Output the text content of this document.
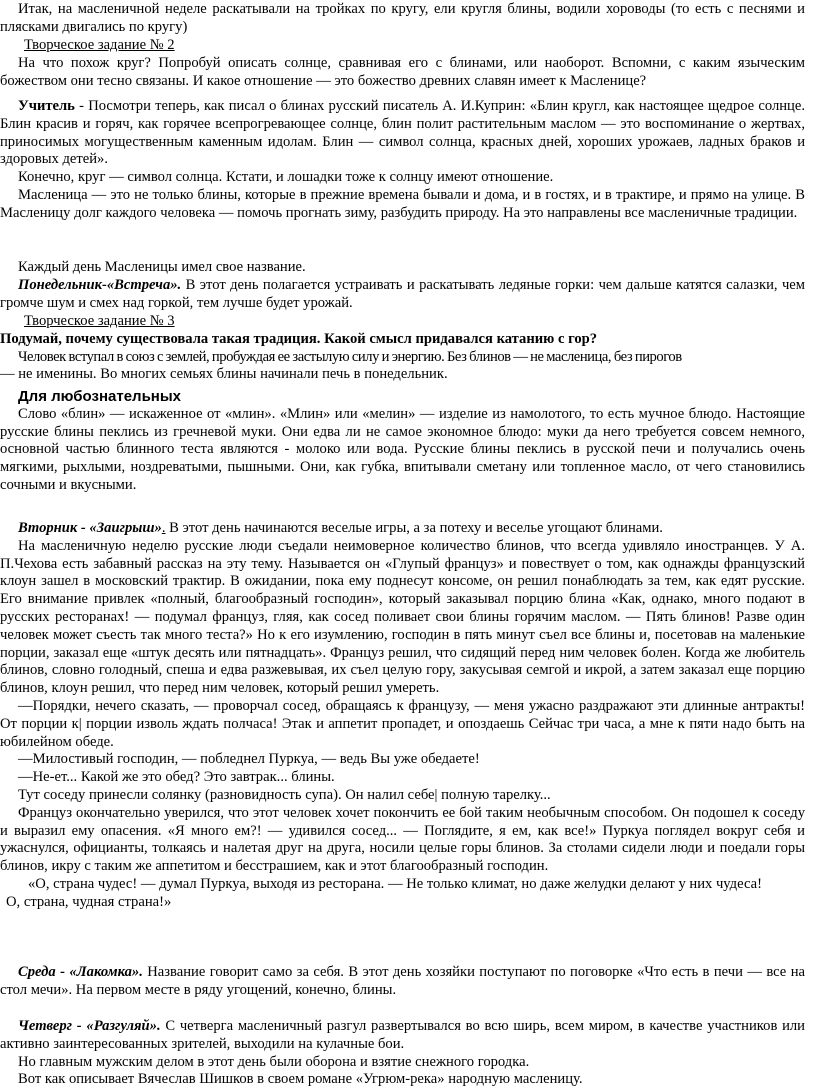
Итак, на масленичной неделе раскатывали на тройках по кругу, ели кругля блины, водили хороводы (то есть с песнями и плясками двигались по кругу)

Творческое задание № 2

На что похож круг? Попробуй описать солнце, сравнивая его с блинами, или наоборот. Вспомни, с каким языческим божеством они тесно связаны. И какое отношение — это божество древних славян имеет к Масленице?

Учитель - Посмотри теперь, как писал о блинах русский писатель А. И.Куприн: «Блин кругл, как настоящее щедрое солнце. Блин красив и горяч, как горячее всепрогревающее солнце, блин полит растительным маслом — это воспоминание о жертвах, приносимых могущественным каменным идолам. Блин — символ солнца, красных дней, хороших урожаев, ладных браков и здоровых детей».

Конечно, круг — символ солнца. Кстати, и лошадки тоже к солнцу имеют отношение.

Масленица — это не только блины, которые в прежние времена бывали и дома, и в гостях, и в трактире, и прямо на улице. В Масленицу долг каждого человека — помочь прогнать зиму, разбудить природу. На это направлены все масленичные традиции.

Каждый день Масленицы имел свое название.

Понедельник-«Встреча». В этот день полагается устраивать и раскатывать ледяные горки: чем дальше катятся салазки, чем громче шум и смех над горкой, тем лучше будет урожай.

Творческое задание № 3

Подумай, почему существовала такая традиция. Какой смысл придавался катанию с гор?

Человек вступал в союз с землей, пробуждая ее застылую силу и энергию. Без блинов — не масленица, без пирогов

— не именины. Во многих семьях блины начинали печь в понедельник.

Для любознательных

Слово «блин» — искаженное от «млин». «Млин» или «мелин» — изделие из намолотого, то есть мучное блюдо. Настоящие русские блины пеклись из гречневой муки. Они едва ли не самое экономное блюдо: муки да него требуется совсем немного, основной частью блинного теста являются - молоко или вода. Русские блины пеклись в русской печи и получались очень мягкими, рыхлыми, ноздреватыми, пышными. Они, как губка, впитывали сметану или топленное масло, от чего становились сочными и вкусными.

Вторник - «Заигрыш». В этот день начинаются веселые игры, а за потеху и веселье угощают блинами.

На масленичную неделю русские люди съедали неимоверное количество блинов, что всегда удивляло иностранцев. У А. П.Чехова есть забавный рассказ на эту тему. Называется он «Глупый француз» и повествует о том, как однажды французский клоун зашел в московский трактир. В ожидании, пока ему поднесут консоме, он решил понаблюдать за тем, как едят русские. Его внимание привлек «полный, благообразный господин», который заказывал порцию блина «Как, однако, много подают в русских ресторанах! — подумал француз, гляя, как сосед поливает свои блины горячим маслом. — Пять блинов! Разве один человек может съесть так много теста?» Но к его изумлению, господин в пять минут съел все блины и, посетовав на маленькие порции, заказал еще «штук десять или пятнадцать». Француз решил, что сидящий перед ним человек болен. Когда же любитель блинов, словно голодный, спеша и едва разжевывая, их съел целую гору, закусывая семгой и икрой, а затем заказал еще порцию блинов, клоун решил, что перед ним человек, который решил умереть.

—Порядки, нечего сказать, — проворчал сосед, обращаясь к французу, — меня ужасно раздражают эти длинные антракты! От порции к| порции изволь ждать полчаса! Этак и аппетит пропадет, и опоздаешь Сейчас три часа, а мне к пяти надо быть на юбилейном обеде.

—Милостивый господин, — побледнел Пуркуа, — ведь Вы уже обедаете!

—Не-ет... Какой же это обед? Это завтрак... блины.

Тут соседу принесли солянку (разновидность супа). Он налил себе| полную тарелку...

Француз окончательно уверился, что этот человек хочет покончить ее бой таким необычным способом. Он подошел к соседу и выразил ему опасения. «Я много ем?! — удивился сосед... — Поглядите, я ем, как все!» Пуркуа поглядел вокруг себя и ужаснулся, официанты, толкаясь и налетая друг на друга, носили целые горы блинов. За столами сидели люди и поедали горы блинов, икру с таким же аппетитом и бесстрашием, как и этот благообразный господин.

«О, страна чудес! — думал Пуркуа, выходя из ресторана. — Не только климат, но даже желудки делают у них чудеса! О, страна, чудная страна!»

Среда - «Лакомка». Название говорит само за себя. В этот день хозяйки поступают по поговорке «Что есть в печи — все на стол мечи». На первом месте в ряду угощений, конечно, блины.

Четверг - «Разгуляй». С четверга масленичный разгул развертывался во всю ширь, всем миром, в качестве участников или активно заинтересованных зрителей, выходили на кулачные бои.

Но главным мужским делом в этот день были оборона и взятие снежного городка.

Вот как описывает Вячеслав Шишков в своем романе «Угрюм-река» народную масленицу.
